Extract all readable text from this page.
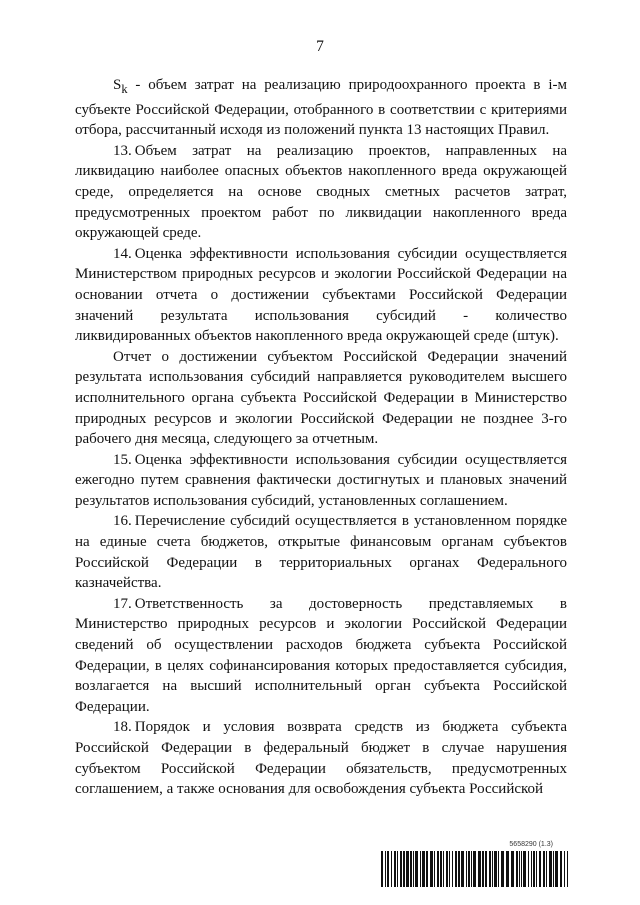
7

$S_k$ - объем затрат на реализацию природоохранного проекта в i-м субъекте Российской Федерации, отобранного в соответствии с критериями отбора, рассчитанный исходя из положений пункта 13 настоящих Правил.

13. Объем затрат на реализацию проектов, направленных на ликвидацию наиболее опасных объектов накопленного вреда окружающей среде, определяется на основе сводных сметных расчетов затрат, предусмотренных проектом работ по ликвидации накопленного вреда окружающей среде.

14. Оценка эффективности использования субсидии осуществляется Министерством природных ресурсов и экологии Российской Федерации на основании отчета о достижении субъектами Российской Федерации значений результата использования субсидий - количество ликвидированных объектов накопленного вреда окружающей среде (штук).

Отчет о достижении субъектом Российской Федерации значений результата использования субсидий направляется руководителем высшего исполнительного органа субъекта Российской Федерации в Министерство природных ресурсов и экологии Российской Федерации не позднее 3-го рабочего дня месяца, следующего за отчетным.

15. Оценка эффективности использования субсидии осуществляется ежегодно путем сравнения фактически достигнутых и плановых значений результатов использования субсидий, установленных соглашением.

16. Перечисление субсидий осуществляется в установленном порядке на единые счета бюджетов, открытые финансовым органам субъектов Российской Федерации в территориальных органах Федерального казначейства.

17. Ответственность за достоверность представляемых в Министерство природных ресурсов и экологии Российской Федерации сведений об осуществлении расходов бюджета субъекта Российской Федерации, в целях софинансирования которых предоставляется субсидия, возлагается на высший исполнительный орган субъекта Российской Федерации.

18. Порядок и условия возврата средств из бюджета субъекта Российской Федерации в федеральный бюджет в случае нарушения субъектом Российской Федерации обязательств, предусмотренных соглашением, а также основания для освобождения субъекта Российской

5658290 (1.3)
